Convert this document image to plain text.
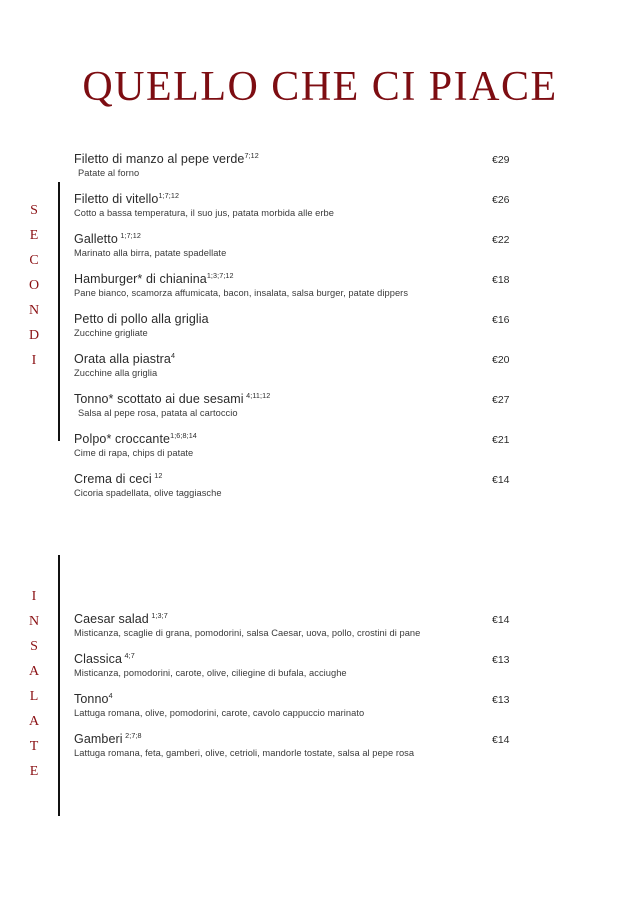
QUELLO CHE CI PIACE
S
E
C
O
N
D
I
Filetto di manzo al pepe verde$^{7;12}$	€29
Patate al forno
Filetto di vitello$^{1;7;12}$	€26
Cotto a bassa temperatura, il suo jus, patata morbida alle erbe
Galletto $^{1;7;12}$	€22
Marinato alla birra, patate spadellate
Hamburger* di chianina$^{1;3;7;12}$	€18
Pane bianco, scamorza affumicata, bacon, insalata, salsa burger, patate dippers
Petto di pollo alla griglia	€16
Zucchine grigliate
Orata alla piastra$^4$	€20
Zucchine alla griglia
Tonno* scottato ai due sesami $^{4;11;12}$	€27
Salsa al pepe rosa, patata al cartoccio
Polpo* croccante$^{1;6;8;14}$	€21
Cime di rapa, chips di patate
Crema di ceci $^{12}$	€14
Cicoria spadellata, olive taggiasche
I
N
S
A
L
A
T
E
Caesar salad $^{1;3;7}$	€14
Misticanza, scaglie di grana, pomodorini, salsa Caesar, uova, pollo, crostini di pane
Classica $^{4;7}$	€13
Misticanza, pomodorini, carote, olive, ciliegine di bufala, acciughe
Tonno$^4$	€13
Lattuga romana, olive, pomodorini, carote, cavolo cappuccio marinato
Gamberi $^{2;7;8}$	€14
Lattuga romana, feta, gamberi, olive, cetrioli, mandorle tostate, salsa al pepe rosa
